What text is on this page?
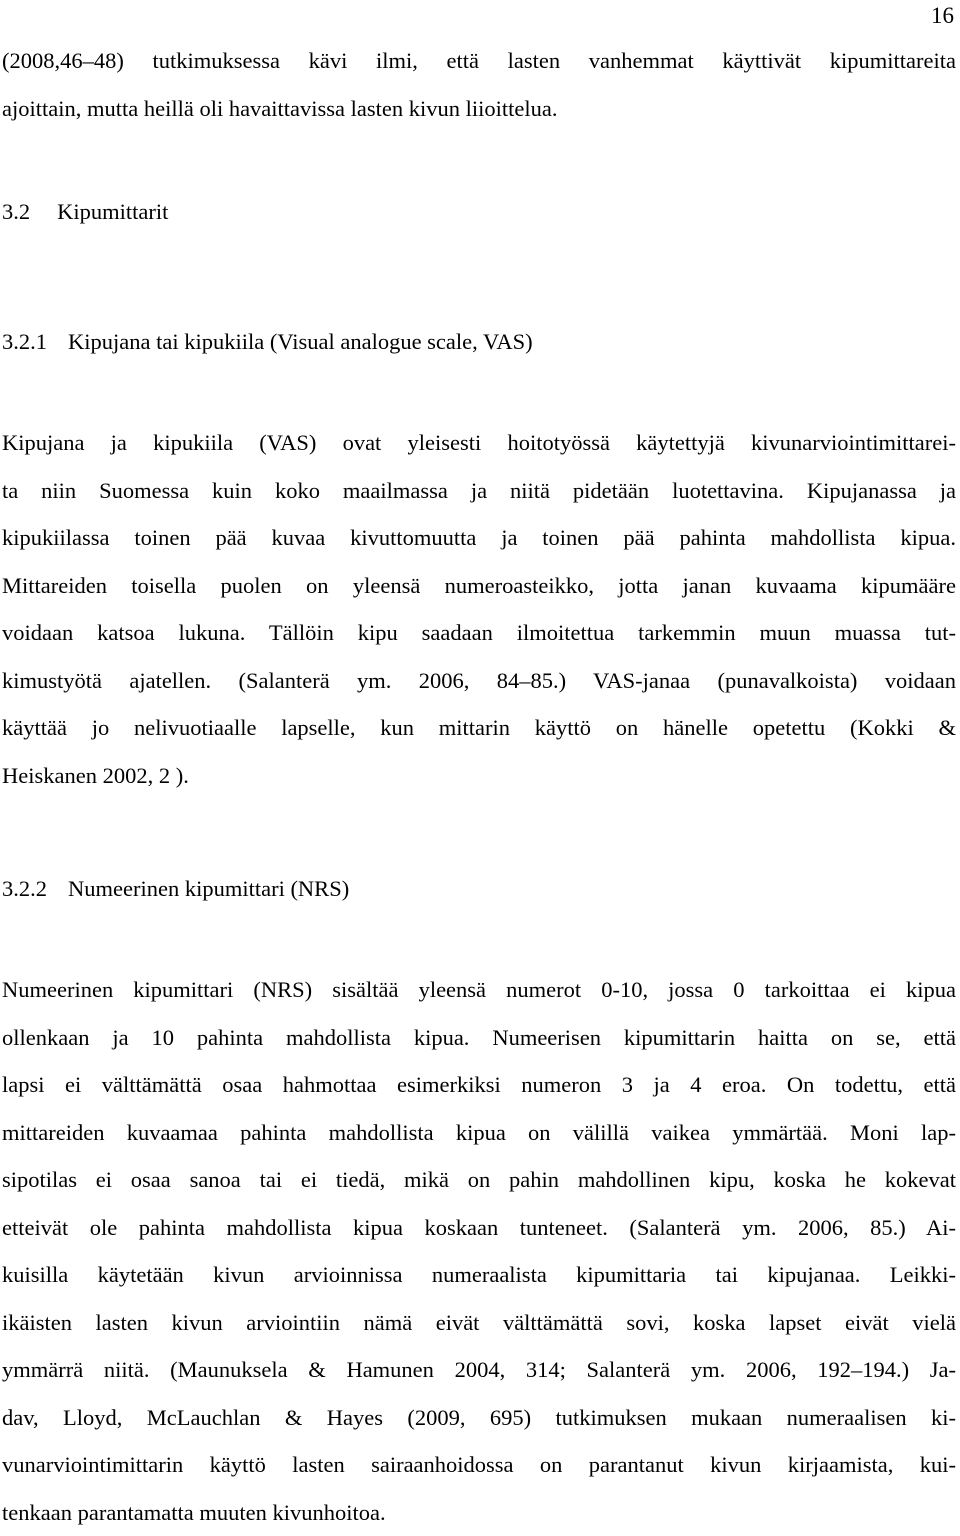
16
(2008,46–48) tutkimuksessa kävi ilmi, että lasten vanhemmat käyttivät kipumittareita
ajoittain, mutta heillä oli havaittavissa lasten kivun liioittelua.
3.2 Kipumittarit
3.2.1 Kipujana tai kipukiila (Visual analogue scale, VAS)
Kipujana ja kipukiila (VAS) ovat yleisesti hoitotyössä käytettyjä kivunarviointimittarei-
ta niin Suomessa kuin koko maailmassa ja niitä pidetään luotettavina. Kipujanassa ja
kipukiilassa toinen pää kuvaa kivuttomuutta ja toinen pää pahinta mahdollista kipua.
Mittareiden toisella puolen on yleensä numeroasteikko, jotta janan kuvaama kipumääre
voidaan katsoa lukuna. Tällöin kipu saadaan ilmoitettua tarkemmin muun muassa tut-
kimustyötä ajatellen. (Salanterä ym. 2006, 84–85.) VAS-janaa (punavalkoista) voidaan
käyttää jo nelivuotiaalle lapselle, kun mittarin käyttö on hänelle opetettu (Kokki &
Heiskanen 2002, 2 ).
3.2.2 Numeerinen kipumittari (NRS)
Numeerinen kipumittari (NRS) sisältää yleensä numerot 0-10, jossa 0 tarkoittaa ei kipua
ollenkaan ja 10 pahinta mahdollista kipua. Numeerisen kipumittarin haitta on se, että
lapsi ei välttämättä osaa hahmottaa esimerkiksi numeron 3 ja 4 eroa. On todettu, että
mittareiden kuvaamaa pahinta mahdollista kipua on välillä vaikea ymmärtää. Moni lap-
sipotilas ei osaa sanoa tai ei tiedä, mikä on pahin mahdollinen kipu, koska he kokevat
etteivät ole pahinta mahdollista kipua koskaan tunteneet. (Salanterä ym. 2006, 85.) Ai-
kuisilla käytetään kivun arvioinnissa numeraalista kipumittaria tai kipujanaa. Leikki-
ikäisten lasten kivun arviointiin nämä eivät välttämättä sovi, koska lapset eivät vielä
ymmärrä niitä. (Maunuksela & Hamunen 2004, 314; Salanterä ym. 2006, 192–194.) Ja-
dav, Lloyd, McLauchlan & Hayes (2009, 695) tutkimuksen mukaan numeraalisen ki-
vunarviointimittarin käyttö lasten sairaanhoidossa on parantanut kivun kirjaamista, kui-
tenkaan parantamatta muuten kivunhoitoa.
